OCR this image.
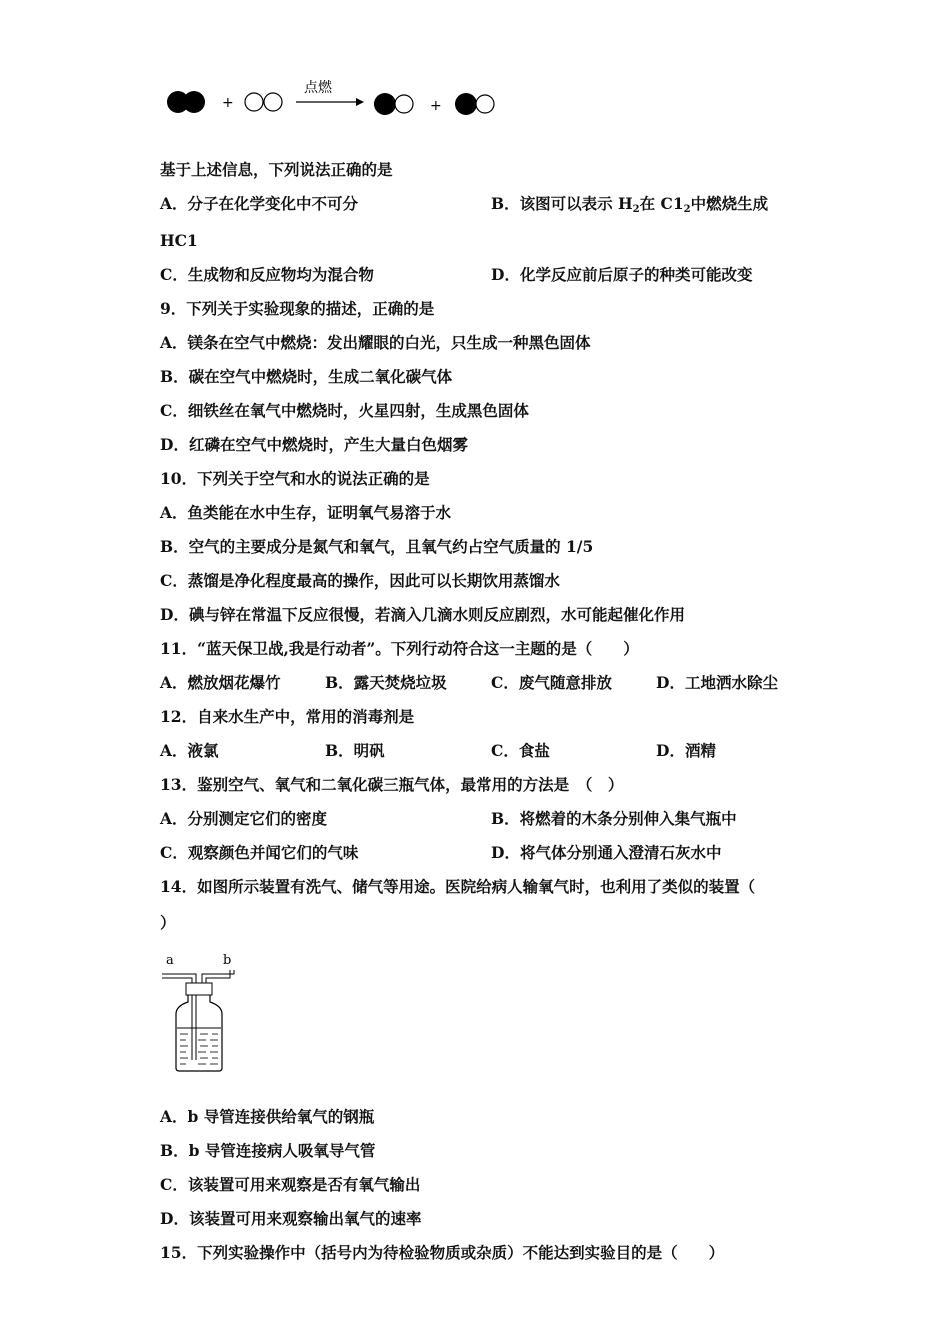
+
点燃
+
基于上述信息，下列说法正确的是
A．分子在化学变化中不可分	B．该图可以表示 $H_2$在 $C1_2$中燃烧生成
HC1
C．生成物和反应物均为混合物	D．化学反应前后原子的种类可能改变
9．下列关于实验现象的描述，正确的是
A．镁条在空气中燃烧：发出耀眼的白光，只生成一种黑色固体
B．碳在空气中燃烧时，生成二氧化碳气体
C．细铁丝在氧气中燃烧时，火星四射，生成黑色固体
D．红磷在空气中燃烧时，产生大量白色烟雾
10．下列关于空气和水的说法正确的是
A．鱼类能在水中生存，证明氧气易溶于水
B．空气的主要成分是氮气和氧气，且氧气约占空气质量的 1/5
C．蒸馏是净化程度最高的操作，因此可以长期饮用蒸馏水
D．碘与锌在常温下反应很慢，若滴入几滴水则反应剧烈，水可能起催化作用
11．“蓝天保卫战,我是行动者”。下列行动符合这一主题的是（　　）
A．燃放烟花爆竹	B．露天焚烧垃圾	C．废气随意排放	D．工地洒水除尘
12．自来水生产中，常用的消毒剂是
A．液氯	B．明矾	C．食盐	D．酒精
13．鉴别空气、氧气和二氧化碳三瓶气体，最常用的方法是　（　）
A．分别测定它们的密度	B．将燃着的木条分别伸入集气瓶中
C．观察颜色并闻它们的气味	D．将气体分别通入澄清石灰水中
14．如图所示装置有洗气、储气等用途。医院给病人输氧气时，也利用了类似的装置（
）
a	b
A．b 导管连接供给氧气的钢瓶
B．b 导管连接病人吸氧导气管
C．该装置可用来观察是否有氧气输出
D．该装置可用来观察输出氧气的速率
15．下列实验操作中（括号内为待检验物质或杂质）不能达到实验目的是（　　）
